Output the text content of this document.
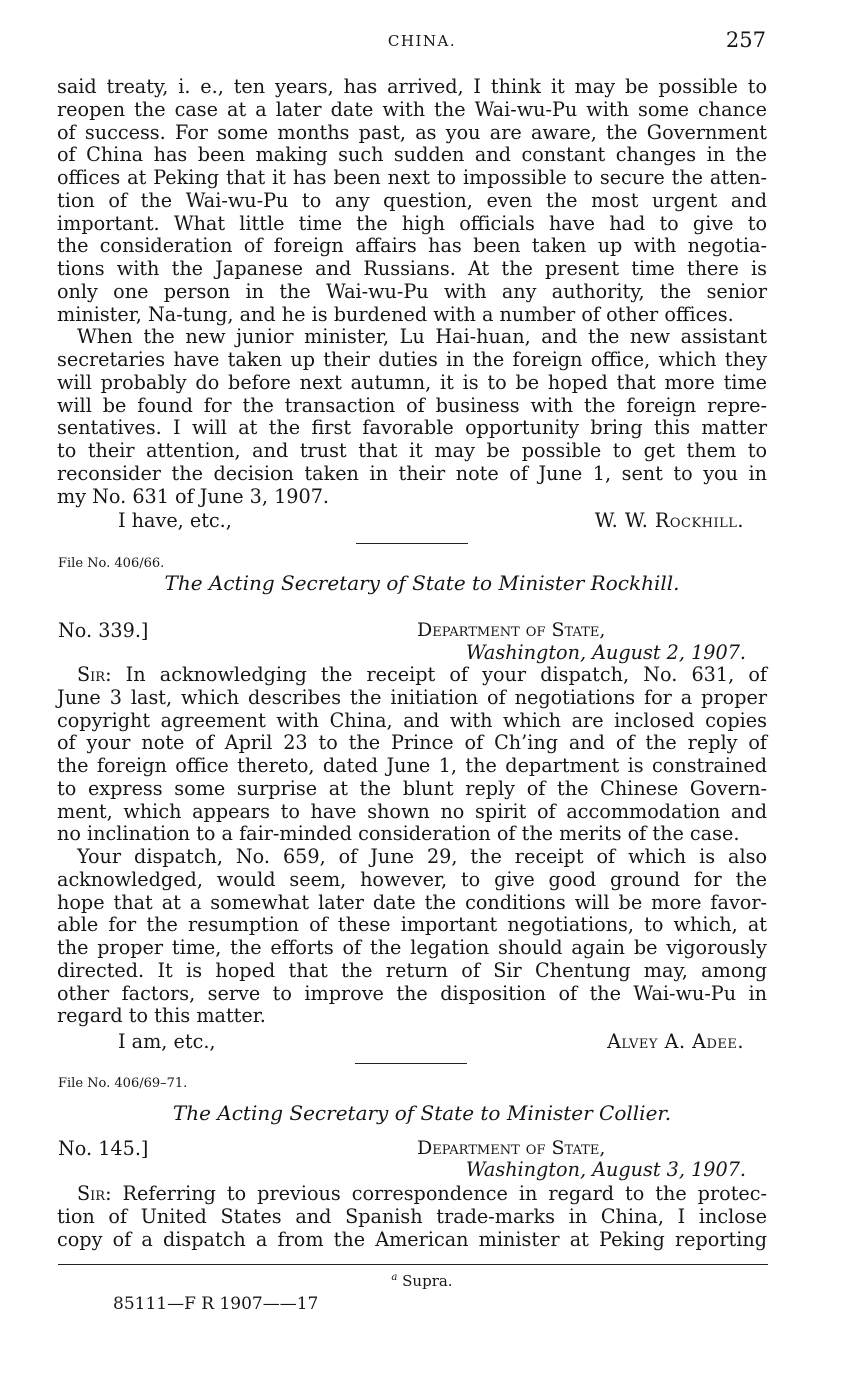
CHINA.	257
said treaty, i. e., ten years, has arrived, I think it may be possible to
reopen the case at a later date with the Wai-wu-Pu with some chance
of success. For some months past, as you are aware, the Government
of China has been making such sudden and constant changes in the
offices at Peking that it has been next to impossible to secure the atten-
tion of the Wai-wu-Pu to any question, even the most urgent and
important. What little time the high officials have had to give to
the consideration of foreign affairs has been taken up with negotia-
tions with the Japanese and Russians. At the present time there is
only one person in the Wai-wu-Pu with any authority, the senior
minister, Na-tung, and he is burdened with a number of other offices.
When the new junior minister, Lu Hai-huan, and the new assistant
secretaries have taken up their duties in the foreign office, which they
will probably do before next autumn, it is to be hoped that more time
will be found for the transaction of business with the foreign repre-
sentatives. I will at the first favorable opportunity bring this matter
to their attention, and trust that it may be possible to get them to
reconsider the decision taken in their note of June 1, sent to you in
my No. 631 of June 3, 1907.
I have, etc.,	W. W. Rockhill.
File No. 406/66.
The Acting Secretary of State to Minister Rockhill.
No. 339.]	Department of State,
Washington, August 2, 1907.
Sir: In acknowledging the receipt of your dispatch, No. 631, of
June 3 last, which describes the initiation of negotiations for a proper
copyright agreement with China, and with which are inclosed copies
of your note of April 23 to the Prince of Ch’ing and of the reply of
the foreign office thereto, dated June 1, the department is constrained
to express some surprise at the blunt reply of the Chinese Govern-
ment, which appears to have shown no spirit of accommodation and
no inclination to a fair-minded consideration of the merits of the case.
Your dispatch, No. 659, of June 29, the receipt of which is also
acknowledged, would seem, however, to give good ground for the
hope that at a somewhat later date the conditions will be more favor-
able for the resumption of these important negotiations, to which, at
the proper time, the efforts of the legation should again be vigorously
directed. It is hoped that the return of Sir Chentung may, among
other factors, serve to improve the disposition of the Wai-wu-Pu in
regard to this matter.
I am, etc.,	Alvey A. Adee.
File No. 406/69–71.
The Acting Secretary of State to Minister Collier.
No. 145.]	Department of State,
Washington, August 3, 1907.
Sir: Referring to previous correspondence in regard to the protec-
tion of United States and Spanish trade-marks in China, I inclose
copy of a dispatch a from the American minister at Peking reporting
$^a$ Supra.
85111—F R 1907——17
